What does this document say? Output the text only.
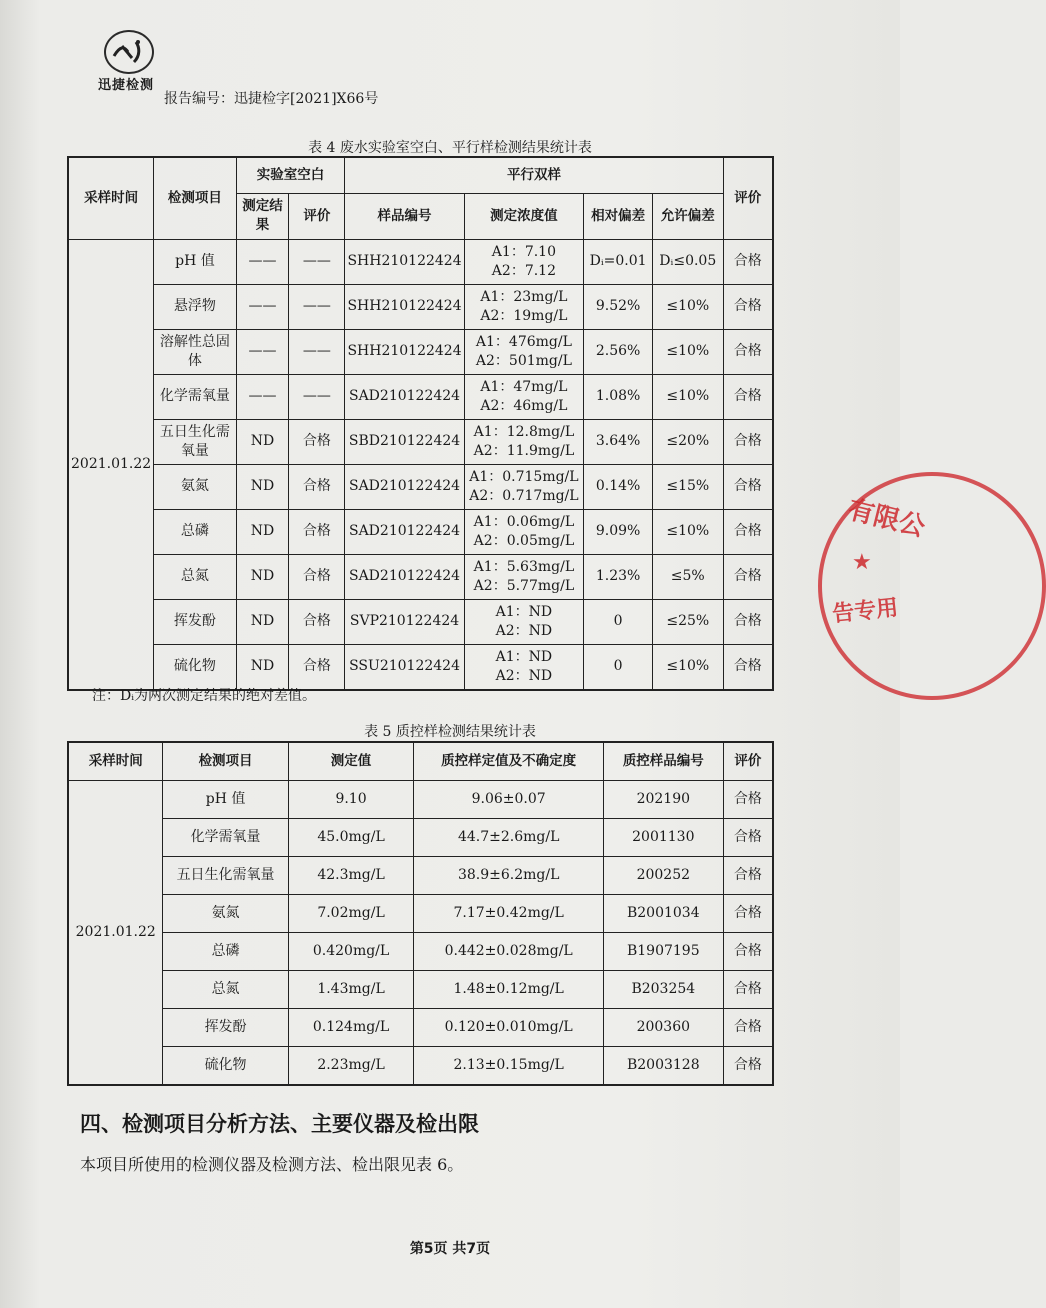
迅捷检测
报告编号：迅捷检字[2021]X66号
表 4 废水实验室空白、平行样检测结果统计表
采样时间	检测项目	实验室空白		平行双样				评价
		测定结果	评价	样品编号	测定浓度值	相对偏差	允许偏差	
2021.01.22	pH 值	——	——	SHH210122424	A1：7.10
A2：7.12	Dᵢ=0.01	Dᵢ≤0.05	合格
	悬浮物	——	——	SHH210122424	A1：23mg/L
A2：19mg/L	9.52%	≤10%	合格
	溶解性总固体	——	——	SHH210122424	A1：476mg/L
A2：501mg/L	2.56%	≤10%	合格
	化学需氧量	——	——	SAD210122424	A1：47mg/L
A2：46mg/L	1.08%	≤10%	合格
	五日生化需氧量	ND	合格	SBD210122424	A1：12.8mg/L
A2：11.9mg/L	3.64%	≤20%	合格
	氨氮	ND	合格	SAD210122424	A1：0.715mg/L
A2：0.717mg/L	0.14%	≤15%	合格
	总磷	ND	合格	SAD210122424	A1：0.06mg/L
A2：0.05mg/L	9.09%	≤10%	合格
	总氮	ND	合格	SAD210122424	A1：5.63mg/L
A2：5.77mg/L	1.23%	≤5%	合格
	挥发酚	ND	合格	SVP210122424	A1：ND
A2：ND	0	≤25%	合格
	硫化物	ND	合格	SSU210122424	A1：ND
A2：ND	0	≤10%	合格
注：Dᵢ为两次测定结果的绝对差值。
表 5 质控样检测结果统计表
采样时间	检测项目	测定值	质控样定值及不确定度	质控样品编号	评价
2021.01.22	pH 值	9.10	9.06±0.07	202190	合格
	化学需氧量	45.0mg/L	44.7±2.6mg/L	2001130	合格
	五日生化需氧量	42.3mg/L	38.9±6.2mg/L	200252	合格
	氨氮	7.02mg/L	7.17±0.42mg/L	B2001034	合格
	总磷	0.420mg/L	0.442±0.028mg/L	B1907195	合格
	总氮	1.43mg/L	1.48±0.12mg/L	B203254	合格
	挥发酚	0.124mg/L	0.120±0.010mg/L	200360	合格
	硫化物	2.23mg/L	2.13±0.15mg/L	B2003128	合格
四、检测项目分析方法、主要仪器及检出限
本项目所使用的检测仪器及检测方法、检出限见表 6。
第5页 共7页
有限公
告专用
★
